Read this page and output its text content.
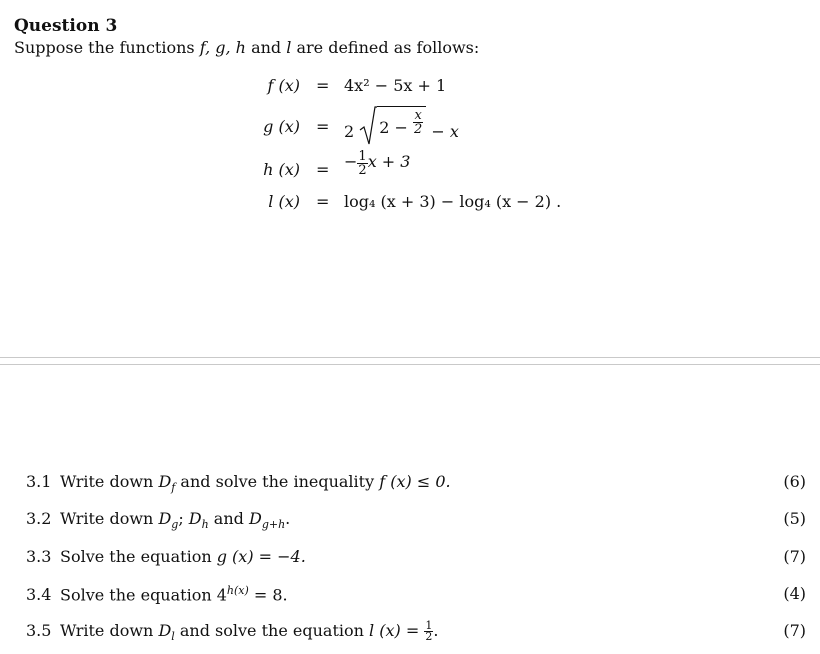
Question 3
Suppose the functions f, g, h and l are defined as follows:
f (x) = 4x² − 5x + 1
g (x) = 2 $2 - \frac{x}{2} - x$
h (x) = − $\frac{1}{2}$ x + 3
l (x) = log₄ (x + 3) − log₄ (x − 2) .
3.1 Write down $D_f$ and solve the inequality f (x) ≤ 0.	(6)
3.2 Write down $D_g$; $D_h$ and $D_{g+h}$.	(5)
3.3 Solve the equation g (x) = −4.	(7)
3.4 Solve the equation $4^{h(x)} = 8$.	(4)
3.5 Write down $D_l$ and solve the equation l $(x) = \frac{1}{2}$ .	(7)
